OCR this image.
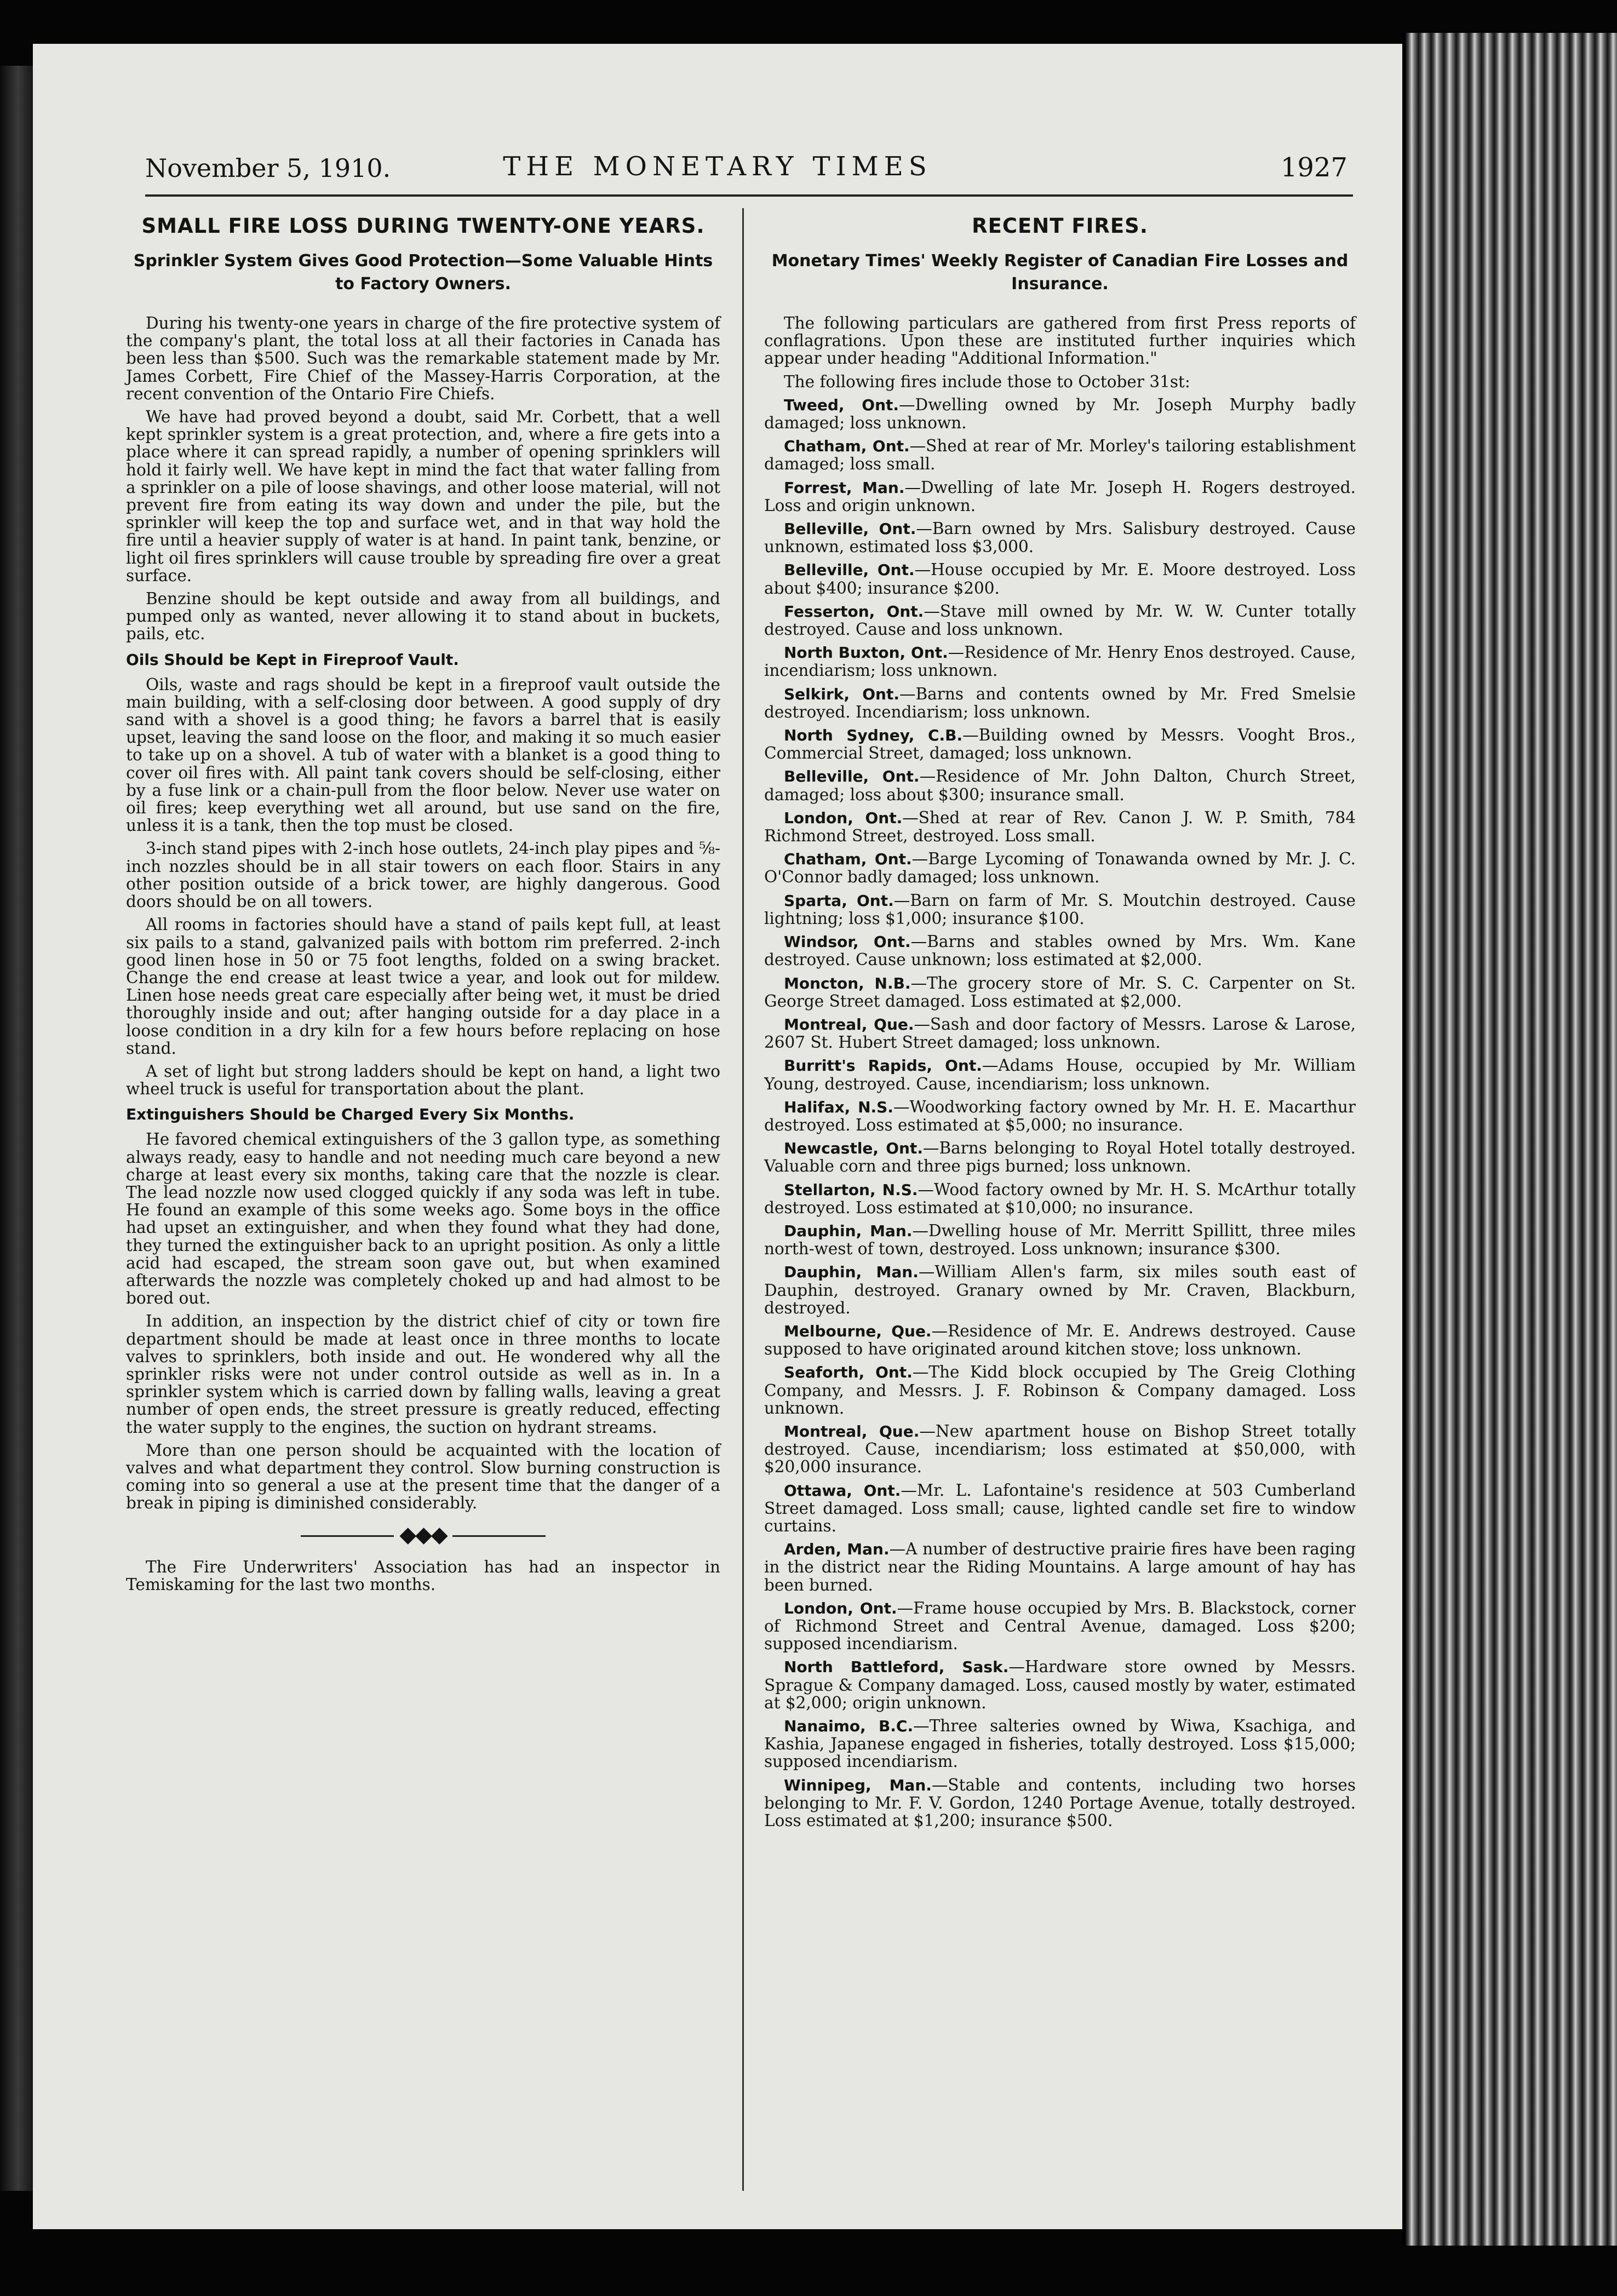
November 5, 1910.	THE MONETARY TIMES	1927
SMALL FIRE LOSS DURING TWENTY-ONE YEARS.
Sprinkler System Gives Good Protection—Some Valuable Hints to Factory Owners.

During his twenty-one years in charge of the fire protective system of the company's plant, the total loss at all their factories in Canada has been less than $500. Such was the remarkable statement made by Mr. James Corbett, Fire Chief of the Massey-Harris Corporation, at the recent convention of the Ontario Fire Chiefs.

We have had proved beyond a doubt, said Mr. Corbett, that a well kept sprinkler system is a great protection, and, where a fire gets into a place where it can spread rapidly, a number of opening sprinklers will hold it fairly well. We have kept in mind the fact that water falling from a sprinkler on a pile of loose shavings, and other loose material, will not prevent fire from eating its way down and under the pile, but the sprinkler will keep the top and surface wet, and in that way hold the fire until a heavier supply of water is at hand. In paint tank, benzine, or light oil fires sprinklers will cause trouble by spreading fire over a great surface.

Benzine should be kept outside and away from all buildings, and pumped only as wanted, never allowing it to stand about in buckets, pails, etc.

Oils Should be Kept in Fireproof Vault.

Oils, waste and rags should be kept in a fireproof vault outside the main building, with a self-closing door between. A good supply of dry sand with a shovel is a good thing; he favors a barrel that is easily upset, leaving the sand loose on the floor, and making it so much easier to take up on a shovel. A tub of water with a blanket is a good thing to cover oil fires with. All paint tank covers should be self-closing, either by a fuse link or a chain-pull from the floor below. Never use water on oil fires; keep everything wet all around, but use sand on the fire, unless it is a tank, then the top must be closed.

3-inch stand pipes with 2-inch hose outlets, 24-inch play pipes and ⅝-inch nozzles should be in all stair towers on each floor. Stairs in any other position outside of a brick tower, are highly dangerous. Good doors should be on all towers.

All rooms in factories should have a stand of pails kept full, at least six pails to a stand, galvanized pails with bottom rim preferred. 2-inch good linen hose in 50 or 75 foot lengths, folded on a swing bracket. Change the end crease at least twice a year, and look out for mildew. Linen hose needs great care especially after being wet, it must be dried thoroughly inside and out; after hanging outside for a day place in a loose condition in a dry kiln for a few hours before replacing on hose stand.

A set of light but strong ladders should be kept on hand, a light two wheel truck is useful for transportation about the plant.

Extinguishers Should be Charged Every Six Months.

He favored chemical extinguishers of the 3 gallon type, as something always ready, easy to handle and not needing much care beyond a new charge at least every six months, taking care that the nozzle is clear. The lead nozzle now used clogged quickly if any soda was left in tube. He found an example of this some weeks ago. Some boys in the office had upset an extinguisher, and when they found what they had done, they turned the extinguisher back to an upright position. As only a little acid had escaped, the stream soon gave out, but when examined afterwards the nozzle was completely choked up and had almost to be bored out.

In addition, an inspection by the district chief of city or town fire department should be made at least once in three months to locate valves to sprinklers, both inside and out. He wondered why all the sprinkler risks were not under control outside as well as in. In a sprinkler system which is carried down by falling walls, leaving a great number of open ends, the street pressure is greatly reduced, effecting the water supply to the engines, the suction on hydrant streams.

More than one person should be acquainted with the location of valves and what department they control. Slow burning construction is coming into so general a use at the present time that the danger of a break in piping is diminished considerably.

◆◆◆

The Fire Underwriters' Association has had an inspector in Temiskaming for the last two months.

RECENT FIRES.
Monetary Times' Weekly Register of Canadian Fire Losses and Insurance.

The following particulars are gathered from first Press reports of conflagrations. Upon these are instituted further inquiries which appear under heading "Additional Information."

The following fires include those to October 31st:

Tweed, Ont.—Dwelling owned by Mr. Joseph Murphy badly damaged; loss unknown.

Chatham, Ont.—Shed at rear of Mr. Morley's tailoring establishment damaged; loss small.

Forrest, Man.—Dwelling of late Mr. Joseph H. Rogers destroyed. Loss and origin unknown.

Belleville, Ont.—Barn owned by Mrs. Salisbury destroyed. Cause unknown, estimated loss $3,000.

Belleville, Ont.—House occupied by Mr. E. Moore destroyed. Loss about $400; insurance $200.

Fesserton, Ont.—Stave mill owned by Mr. W. W. Cunter totally destroyed. Cause and loss unknown.

North Buxton, Ont.—Residence of Mr. Henry Enos destroyed. Cause, incendiarism; loss unknown.

Selkirk, Ont.—Barns and contents owned by Mr. Fred Smelsie destroyed. Incendiarism; loss unknown.

North Sydney, C.B.—Building owned by Messrs. Vooght Bros., Commercial Street, damaged; loss unknown.

Belleville, Ont.—Residence of Mr. John Dalton, Church Street, damaged; loss about $300; insurance small.

London, Ont.—Shed at rear of Rev. Canon J. W. P. Smith, 784 Richmond Street, destroyed. Loss small.

Chatham, Ont.—Barge Lycoming of Tonawanda owned by Mr. J. C. O'Connor badly damaged; loss unknown.

Sparta, Ont.—Barn on farm of Mr. S. Moutchin destroyed. Cause lightning; loss $1,000; insurance $100.

Windsor, Ont.—Barns and stables owned by Mrs. Wm. Kane destroyed. Cause unknown; loss estimated at $2,000.

Moncton, N.B.—The grocery store of Mr. S. C. Carpenter on St. George Street damaged. Loss estimated at $2,000.

Montreal, Que.—Sash and door factory of Messrs. Larose & Larose, 2607 St. Hubert Street damaged; loss unknown.

Burritt's Rapids, Ont.—Adams House, occupied by Mr. William Young, destroyed. Cause, incendiarism; loss unknown.

Halifax, N.S.—Woodworking factory owned by Mr. H. E. Macarthur destroyed. Loss estimated at $5,000; no insurance.

Newcastle, Ont.—Barns belonging to Royal Hotel totally destroyed. Valuable corn and three pigs burned; loss unknown.

Stellarton, N.S.—Wood factory owned by Mr. H. S. McArthur totally destroyed. Loss estimated at $10,000; no insurance.

Dauphin, Man.—Dwelling house of Mr. Merritt Spillitt, three miles north-west of town, destroyed. Loss unknown; insurance $300.

Dauphin, Man.—William Allen's farm, six miles south east of Dauphin, destroyed. Granary owned by Mr. Craven, Blackburn, destroyed.

Melbourne, Que.—Residence of Mr. E. Andrews destroyed. Cause supposed to have originated around kitchen stove; loss unknown.

Seaforth, Ont.—The Kidd block occupied by The Greig Clothing Company, and Messrs. J. F. Robinson & Company damaged. Loss unknown.

Montreal, Que.—New apartment house on Bishop Street totally destroyed. Cause, incendiarism; loss estimated at $50,000, with $20,000 insurance.

Ottawa, Ont.—Mr. L. Lafontaine's residence at 503 Cumberland Street damaged. Loss small; cause, lighted candle set fire to window curtains.

Arden, Man.—A number of destructive prairie fires have been raging in the district near the Riding Mountains. A large amount of hay has been burned.

London, Ont.—Frame house occupied by Mrs. B. Blackstock, corner of Richmond Street and Central Avenue, damaged. Loss $200; supposed incendiarism.

North Battleford, Sask.—Hardware store owned by Messrs. Sprague & Company damaged. Loss, caused mostly by water, estimated at $2,000; origin unknown.

Nanaimo, B.C.—Three salteries owned by Wiwa, Ksachiga, and Kashia, Japanese engaged in fisheries, totally destroyed. Loss $15,000; supposed incendiarism.

Winnipeg, Man.—Stable and contents, including two horses belonging to Mr. F. V. Gordon, 1240 Portage Avenue, totally destroyed. Loss estimated at $1,200; insurance $500.
